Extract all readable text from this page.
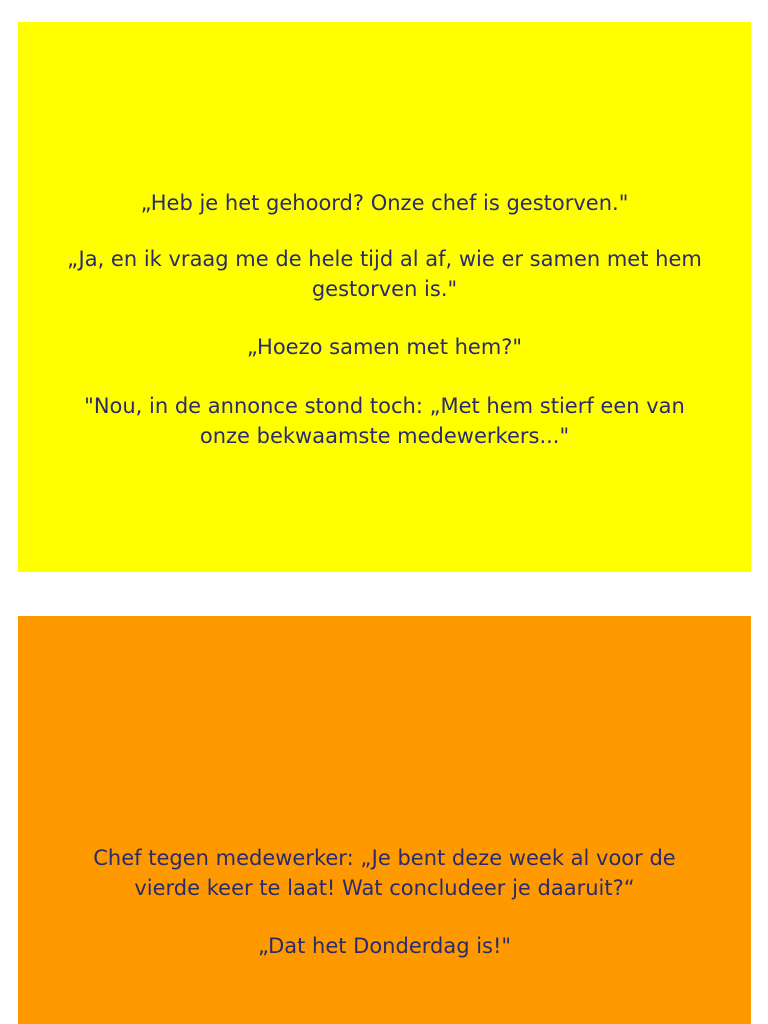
„Heb je het gehoord? Onze chef is gestorven."

„Ja, en ik vraag me de hele tijd al af, wie er samen met hem
gestorven is."

„Hoezo samen met hem?"

"Nou, in de annonce stond toch: „Met hem stierf een van
onze bekwaamste medewerkers..."

Chef tegen medewerker: „Je bent deze week al voor de
vierde keer te laat! Wat concludeer je daaruit?“

„Dat het Donderdag is!"
